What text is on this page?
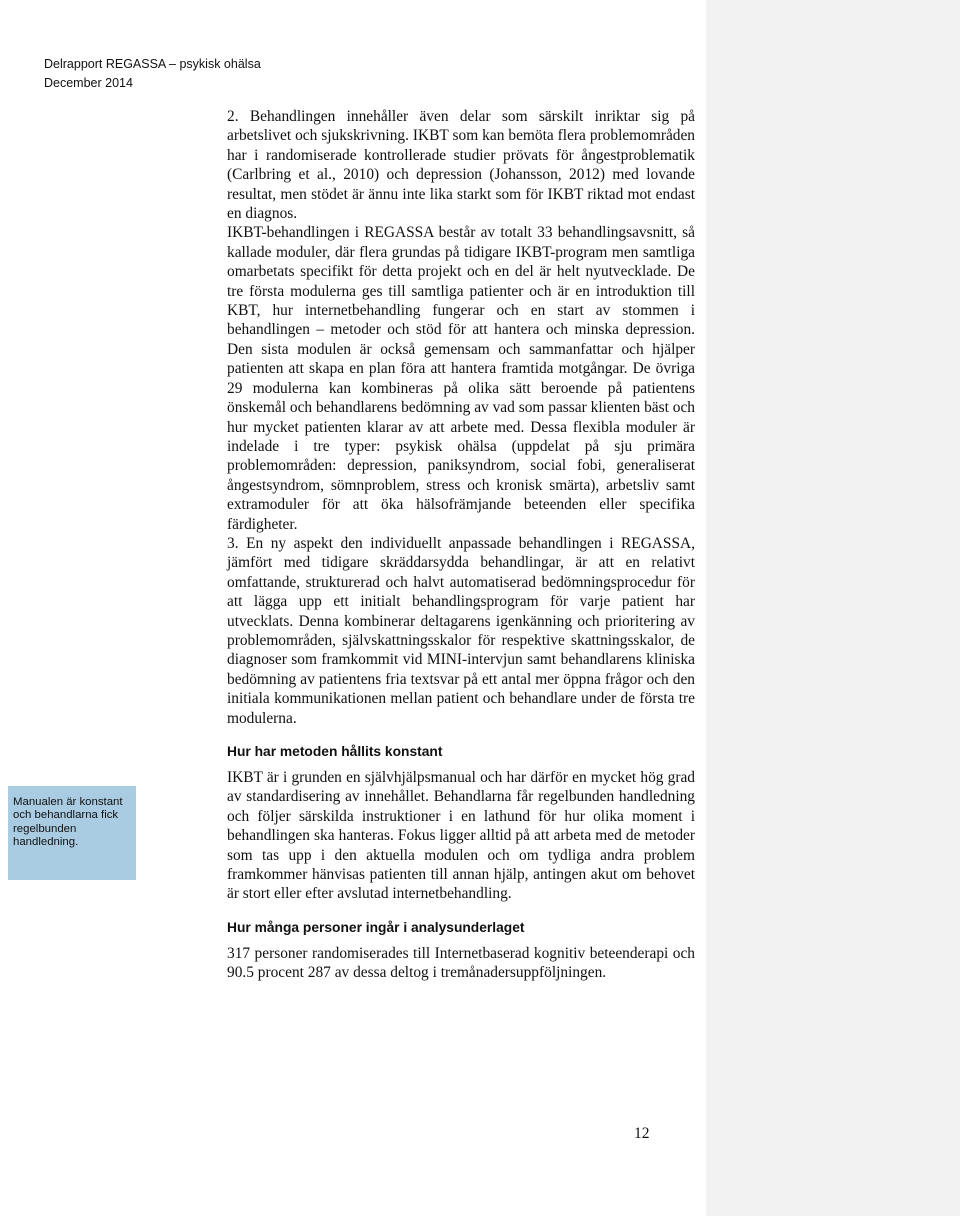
Delrapport REGASSA – psykisk ohälsa
December 2014

2. Behandlingen innehåller även delar som särskilt inriktar sig på arbetslivet och sjukskrivning. IKBT som kan bemöta flera problemområden har i randomiserade kontrollerade studier prövats för ångestproblematik (Carlbring et al., 2010) och depression (Johansson, 2012) med lovande resultat, men stödet är ännu inte lika starkt som för IKBT riktad mot endast en diagnos.

IKBT-behandlingen i REGASSA består av totalt 33 behandlingsavsnitt, så kallade moduler, där flera grundas på tidigare IKBT-program men samtliga omarbetats specifikt för detta projekt och en del är helt nyutvecklade. De tre första modulerna ges till samtliga patienter och är en introduktion till KBT, hur internetbehandling fungerar och en start av stommen i behandlingen – metoder och stöd för att hantera och minska depression. Den sista modulen är också gemensam och sammanfattar och hjälper patienten att skapa en plan föra att hantera framtida motgångar. De övriga 29 modulerna kan kombineras på olika sätt beroende på patientens önskemål och behandlarens bedömning av vad som passar klienten bäst och hur mycket patienten klarar av att arbete med. Dessa flexibla moduler är indelade i tre typer: psykisk ohälsa (uppdelat på sju primära problemområden: depression, paniksyndrom, social fobi, generaliserat ångestsyndrom, sömnproblem, stress och kronisk smärta), arbetsliv samt extramoduler för att öka hälsofrämjande beteenden eller specifika färdigheter.

3. En ny aspekt den individuellt anpassade behandlingen i REGASSA, jämfört med tidigare skräddarsydda behandlingar, är att en relativt omfattande, strukturerad och halvt automatiserad bedömningsprocedur för att lägga upp ett initialt behandlingsprogram för varje patient har utvecklats. Denna kombinerar deltagarens igenkänning och prioritering av problemområden, självskattningsskalor för respektive skattningsskalor, de diagnoser som framkommit vid MINI-intervjun samt behandlarens kliniska bedömning av patientens fria textsvar på ett antal mer öppna frågor och den initiala kommunikationen mellan patient och behandlare under de första tre modulerna.

Hur har metoden hållits konstant

IKBT är i grunden en självhjälpsmanual och har därför en mycket hög grad av standardisering av innehållet. Behandlarna får regelbunden handledning och följer särskilda instruktioner i en lathund för hur olika moment i behandlingen ska hanteras. Fokus ligger alltid på att arbeta med de metoder som tas upp i den aktuella modulen och om tydliga andra problem framkommer hänvisas patienten till annan hjälp, antingen akut om behovet är stort eller efter avslutad internetbehandling.

Hur många personer ingår i analysunderlaget

317 personer randomiserades till Internetbaserad kognitiv beteenderapi och 90.5 procent 287 av dessa deltog i tremånadersuppföljningen.

Manualen är konstant och behandlarna fick regelbunden handledning.
12
